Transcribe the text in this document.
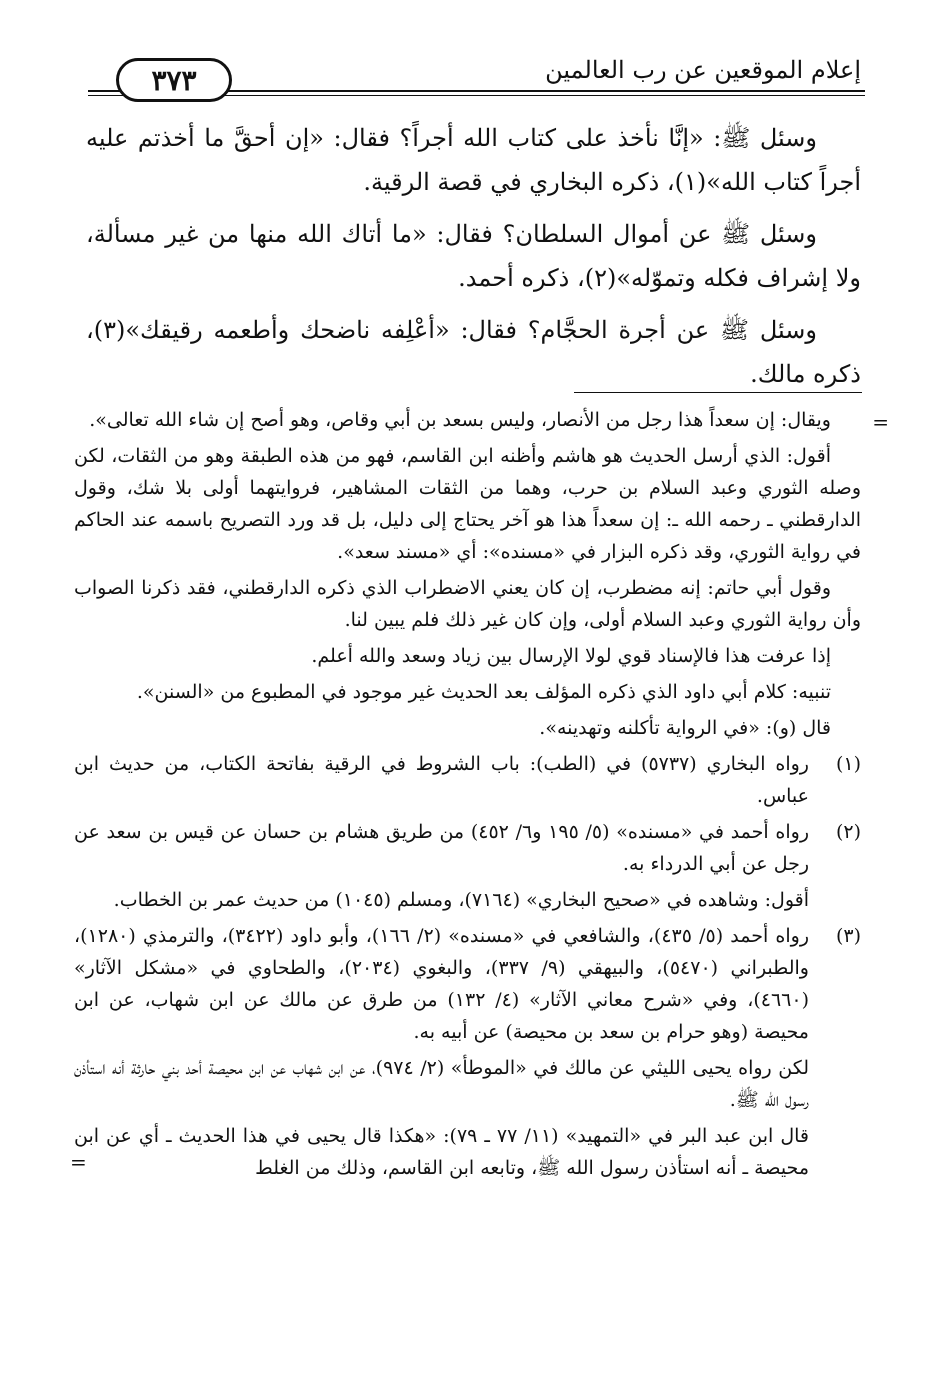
إعلام الموقعين عن رب العالمين
٣٧٣

وسئل ﷺ: «إنَّا نأخذ على كتاب الله أجراً؟ فقال: «إن أحقَّ ما أخذتم عليه أجراً كتاب الله»(١)، ذكره البخاري في قصة الرقية.

وسئل ﷺ عن أموال السلطان؟ فقال: «ما أتاك الله منها من غير مسألة، ولا إشراف فكله وتموّله»(٢)، ذكره أحمد.

وسئل ﷺ عن أجرة الحجَّام؟ فقال: «أعْلِفه ناضحك وأطعمه رقيقك»(٣)، ذكره مالك.

=

ويقال: إن سعداً هذا رجل من الأنصار، وليس بسعد بن أبي وقاص، وهو أصح إن شاء الله تعالى».

أقول: الذي أرسل الحديث هو هاشم وأظنه ابن القاسم، فهو من هذه الطبقة وهو من الثقات، لكن وصله الثوري وعبد السلام بن حرب، وهما من الثقات المشاهير، فروايتهما أولى بلا شك، وقول الدارقطني ـ رحمه الله ـ: إن سعداً هذا هو آخر يحتاج إلى دليل، بل قد ورد التصريح باسمه عند الحاكم في رواية الثوري، وقد ذكره البزار في «مسنده»: أي «مسند سعد».

وقول أبي حاتم: إنه مضطرب، إن كان يعني الاضطراب الذي ذكره الدارقطني، فقد ذكرنا الصواب وأن رواية الثوري وعبد السلام أولى، وإن كان غير ذلك فلم يبين لنا.

إذا عرفت هذا فالإسناد قوي لولا الإرسال بين زياد وسعد والله أعلم.

تنبيه: كلام أبي داود الذي ذكره المؤلف بعد الحديث غير موجود في المطبوع من «السنن».

قال (و): «في الرواية تأكلنه وتهدينه».

(١)

رواه البخاري (٥٧٣٧) في (الطب): باب الشروط في الرقية بفاتحة الكتاب، من حديث ابن عباس.

(٢)

رواه أحمد في «مسنده» (٥/ ١٩٥ و٦/ ٤٥٢) من طريق هشام بن حسان عن قيس بن سعد عن رجل عن أبي الدرداء به.

أقول: وشاهده في «صحيح البخاري» (٧١٦٤)، ومسلم (١٠٤٥) من حديث عمر بن الخطاب.

(٣)

رواه أحمد (٥/ ٤٣٥)، والشافعي في «مسنده» (٢/ ١٦٦)، وأبو داود (٣٤٢٢)، والترمذي (١٢٨٠)، والطبراني (٥٤٧٠)، والبيهقي (٩/ ٣٣٧)، والبغوي (٢٠٣٤)، والطحاوي في «مشكل الآثار» (٤٦٦٠)، وفي «شرح معاني الآثار» (٤/ ١٣٢) من طرق عن مالك عن ابن شهاب، عن ابن محيصة (وهو حرام بن سعد بن محيصة) عن أبيه به.

لكن رواه يحيى الليثي عن مالك في «الموطأ» (٢/ ٩٧٤)، عن ابن شهاب عن ابن محيصة أحد بني حارثة أنه استأذن رسول الله ﷺ.

قال ابن عبد البر في «التمهيد» (١١/ ٧٧ ـ ٧٩): «هكذا قال يحيى في هذا الحديث ـ أي عن ابن محيصة ـ أنه استأذن رسول الله ﷺ، وتابعه ابن القاسم، وذلك من الغلط

=
